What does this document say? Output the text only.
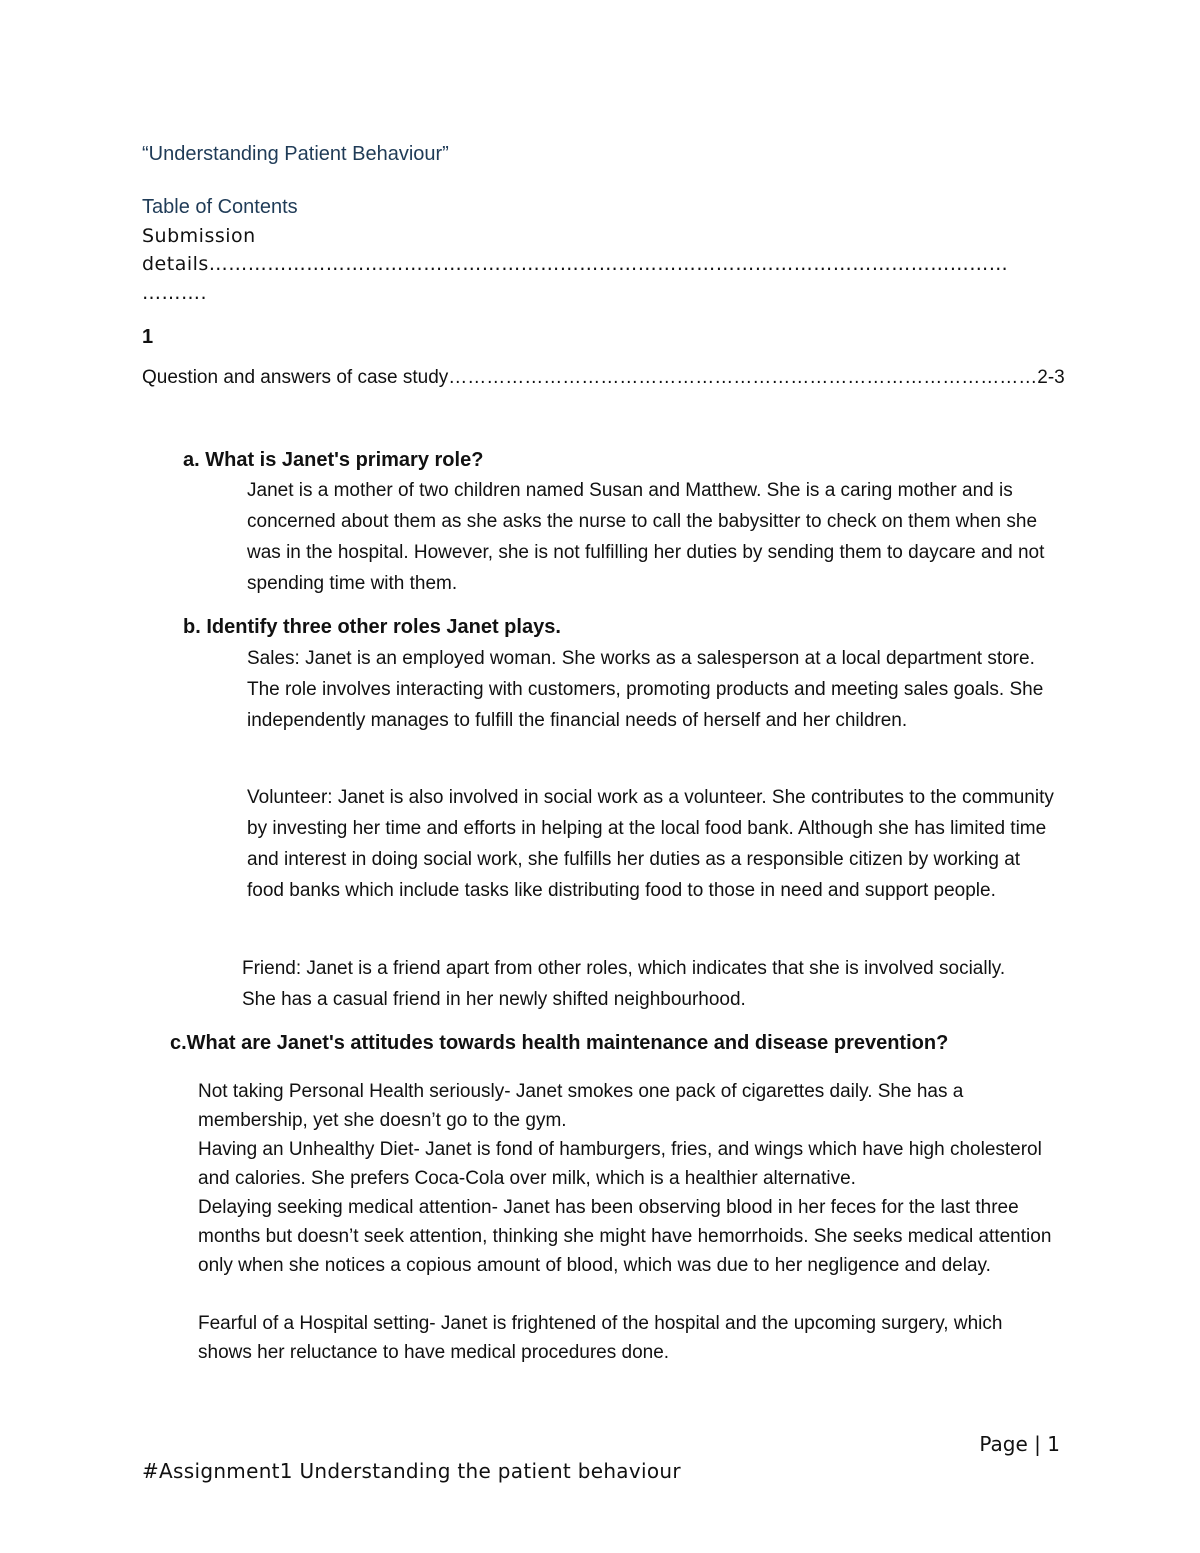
“Understanding Patient Behaviour”
Table of Contents
Submission
details……………………………………………………………………………………………………………
……….
1
Question and answers of case study…………………………………………………………………………………2-3
a. What is Janet's primary role?
Janet is a mother of two children named Susan and Matthew. She is a caring mother and is concerned about them as she asks the nurse to call the babysitter to check on them when she was in the hospital. However, she is not fulfilling her duties by sending them to daycare and not spending time with them.
b. Identify three other roles Janet plays.
Sales: Janet is an employed woman. She works as a salesperson at a local department store. The role involves interacting with customers, promoting products and meeting sales goals. She independently manages to fulfill the financial needs of herself and her children.
Volunteer: Janet is also involved in social work as a volunteer. She contributes to the community by investing her time and efforts in helping at the local food bank. Although she has limited time and interest in doing social work, she fulfills her duties as a responsible citizen by working at food banks which include tasks like distributing food to those in need and support people.
Friend: Janet is a friend apart from other roles, which indicates that she is involved socially. She has a casual friend in her newly shifted neighbourhood.
c.What are Janet's attitudes towards health maintenance and disease prevention?
Not taking Personal Health seriously- Janet smokes one pack of cigarettes daily. She has a membership, yet she doesn’t go to the gym.
Having an Unhealthy Diet- Janet is fond of hamburgers, fries, and wings which have high cholesterol and calories. She prefers Coca-Cola over milk, which is a healthier alternative.
Delaying seeking medical attention- Janet has been observing blood in her feces for the last three months but doesn’t seek attention, thinking she might have hemorrhoids. She seeks medical attention only when she notices a copious amount of blood, which was due to her negligence and delay.
Fearful of a Hospital setting- Janet is frightened of the hospital and the upcoming surgery, which shows her reluctance to have medical procedures done.
Page | 1
#Assignment1 Understanding the patient behaviour
